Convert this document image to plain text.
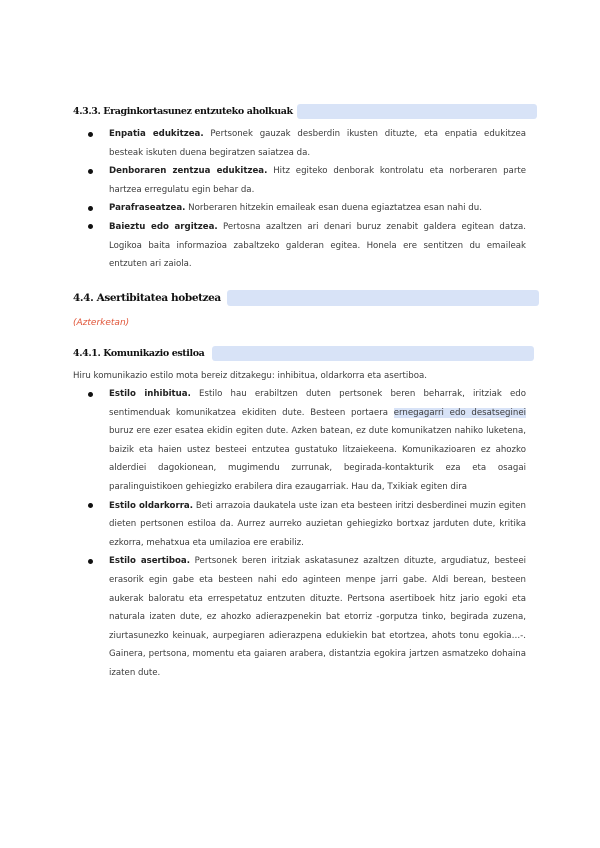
4.3.3. Eraginkortasunez entzuteko aholkuak
Enpatia edukitzea. Pertsonek gauzak desberdin ikusten dituzte, eta enpatia edukitzea besteak iskuten duena begiratzen saiatzea da.
Denboraren zentzua edukitzea. Hitz egiteko denborak kontrolatu eta norberaren parte hartzea erregulatu egin behar da.
Parafraseatzea. Norberaren hitzekin emaileak esan duena egiaztatzea esan nahi du.
Baieztu edo argitzea. Pertosna azaltzen ari denari buruz zenabit galdera egitean datza. Logikoa baita informazioa zabaltzeko galderan egitea. Honela ere sentitzen du emaileak entzuten ari zaiola.
4.4. Asertibitatea hobetzea
(Azterketan)
4.4.1. Komunikazio estiloa
Hiru komunikazio estilo mota bereiz ditzakegu: inhibitua, oldarkorra eta asertiboa.
Estilo inhibitua. Estilo hau erabiltzen duten pertsonek beren beharrak, iritziak edo sentimenduak komunikatzea ekiditen dute. Besteen portaera ernegagarri edo desatseginei buruz ere ezer esatea ekidin egiten dute. Azken batean, ez dute komunikatzen nahiko luketena, baizik eta haien ustez besteei entzutea gustatuko litzaiekeena. Komunikazioaren ez ahozko alderdiei dagokionean, mugimendu zurrunak, begirada-kontakturik eza eta osagai paralinguistikoen gehiegizko erabilera dira ezaugarriak. Hau da, Txikiak egiten dira
Estilo oldarkorra. Beti arrazoia daukatela uste izan eta besteen iritzi desberdinei muzin egiten dieten pertsonen estiloa da. Aurrez aurreko auzietan gehiegizko bortxaz jarduten dute, kritika ezkorra, mehatxua eta umilazioa ere erabiliz.
Estilo asertiboa. Pertsonek beren iritziak askatasunez azaltzen dituzte, argudiatuz, besteei erasorik egin gabe eta besteen nahi edo aginteen menpe jarri gabe. Aldi berean, besteen aukerak baloratu eta errespetatuz entzuten dituzte. Pertsona asertiboek hitz jario egoki eta naturala izaten dute, ez ahozko adierazpenekin bat etorriz -gorputza tinko, begirada zuzena, ziurtasunezko keinuak, aurpegiaren adierazpena edukiekin bat etortzea, ahots tonu egokia…-. Gainera, pertsona, momentu eta gaiaren arabera, distantzia egokira jartzen asmatzeko dohaina izaten dute.
